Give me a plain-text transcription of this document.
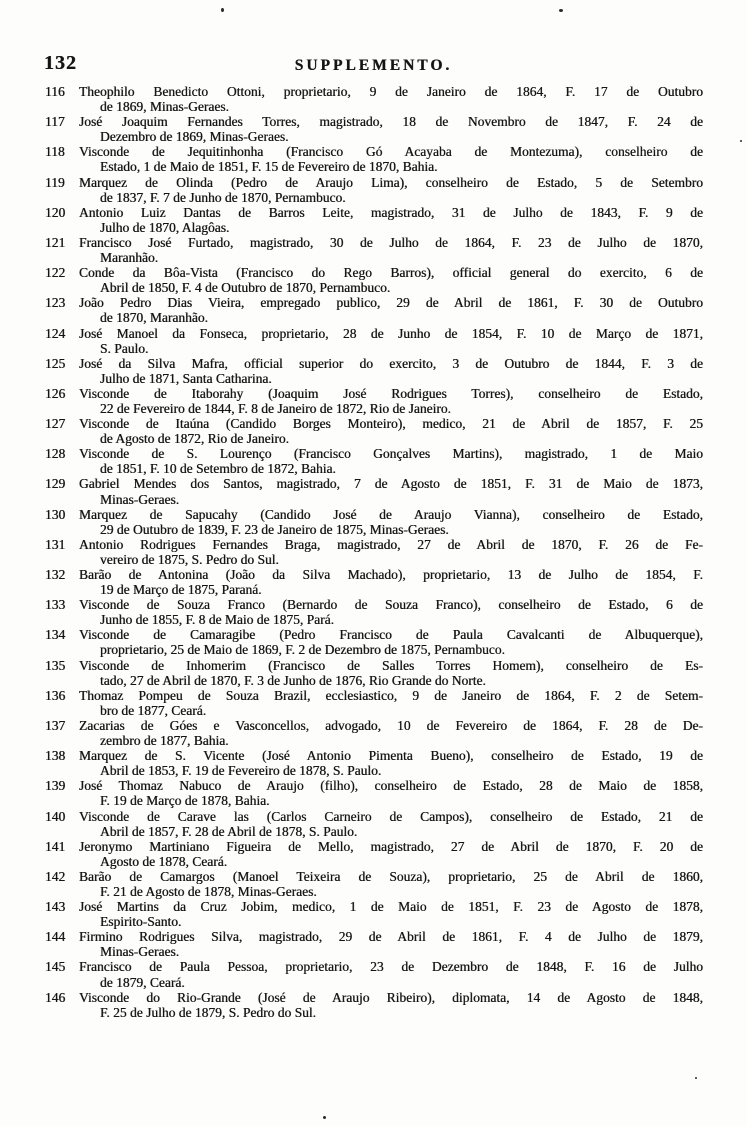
132	SUPPLEMENTO.
116	Theophilo Benedicto Ottoni, proprietario, 9 de Janeiro de 1864, F. 17 de Outubro
de 1869, Minas-Geraes.
117	José Joaquim Fernandes Torres, magistrado, 18 de Novembro de 1847, F. 24 de
Dezembro de 1869, Minas-Geraes.
118	Visconde de Jequitinhonha (Francisco Gó Acayaba de Montezuma), conselheiro de
Estado, 1 de Maio de 1851, F. 15 de Fevereiro de 1870, Bahia.
119	Marquez de Olinda (Pedro de Araujo Lima), conselheiro de Estado, 5 de Setembro
de 1837, F. 7 de Junho de 1870, Pernambuco.
120	Antonio Luiz Dantas de Barros Leite, magistrado, 31 de Julho de 1843, F. 9 de
Julho de 1870, Alagôas.
121	Francisco José Furtado, magistrado, 30 de Julho de 1864, F. 23 de Julho de 1870,
Maranhão.
122	Conde da Bôa-Vista (Francisco do Rego Barros), official general do exercito, 6 de
Abril de 1850, F. 4 de Outubro de 1870, Pernambuco.
123	João Pedro Dias Vieira, empregado publico, 29 de Abril de 1861, F. 30 de Outubro
de 1870, Maranhão.
124	José Manoel da Fonseca, proprietario, 28 de Junho de 1854, F. 10 de Março de 1871,
S. Paulo.
125	José da Silva Mafra, official superior do exercito, 3 de Outubro de 1844, F. 3 de
Julho de 1871, Santa Catharina.
126	Visconde de Itaborahy (Joaquim José Rodrigues Torres), conselheiro de Estado,
22 de Fevereiro de 1844, F. 8 de Janeiro de 1872, Rio de Janeiro.
127	Visconde de Itaúna (Candido Borges Monteiro), medico, 21 de Abril de 1857, F. 25
de Agosto de 1872, Rio de Janeiro.
128	Visconde de S. Lourenço (Francisco Gonçalves Martins), magistrado, 1 de Maio
de 1851, F. 10 de Setembro de 1872, Bahia.
129	Gabriel Mendes dos Santos, magistrado, 7 de Agosto de 1851, F. 31 de Maio de 1873,
Minas-Geraes.
130	Marquez de Sapucahy (Candido José de Araujo Vianna), conselheiro de Estado,
29 de Outubro de 1839, F. 23 de Janeiro de 1875, Minas-Geraes.
131	Antonio Rodrigues Fernandes Braga, magistrado, 27 de Abril de 1870, F. 26 de Fe-
vereiro de 1875, S. Pedro do Sul.
132	Barão de Antonina (João da Silva Machado), proprietario, 13 de Julho de 1854, F.
19 de Março de 1875, Paraná.
133	Visconde de Souza Franco (Bernardo de Souza Franco), conselheiro de Estado, 6 de
Junho de 1855, F. 8 de Maio de 1875, Pará.
134	Visconde de Camaragibe (Pedro Francisco de Paula Cavalcanti de Albuquerque),
proprietario, 25 de Maio de 1869, F. 2 de Dezembro de 1875, Pernambuco.
135	Visconde de Inhomerim (Francisco de Salles Torres Homem), conselheiro de Es-
tado, 27 de Abril de 1870, F. 3 de Junho de 1876, Rio Grande do Norte.
136	Thomaz Pompeu de Souza Brazil, ecclesiastico, 9 de Janeiro de 1864, F. 2 de Setem-
bro de 1877, Ceará.
137	Zacarias de Góes e Vasconcellos, advogado, 10 de Fevereiro de 1864, F. 28 de De-
zembro de 1877, Bahia.
138	Marquez de S. Vicente (José Antonio Pimenta Bueno), conselheiro de Estado, 19 de
Abril de 1853, F. 19 de Fevereiro de 1878, S. Paulo.
139	José Thomaz Nabuco de Araujo (filho), conselheiro de Estado, 28 de Maio de 1858,
F. 19 de Março de 1878, Bahia.
140	Visconde de Carave las (Carlos Carneiro de Campos), conselheiro de Estado, 21 de
Abril de 1857, F. 28 de Abril de 1878, S. Paulo.
141	Jeronymo Martiniano Figueira de Mello, magistrado, 27 de Abril de 1870, F. 20 de
Agosto de 1878, Ceará.
142	Barão de Camargos (Manoel Teixeira de Souza), proprietario, 25 de Abril de 1860,
F. 21 de Agosto de 1878, Minas-Geraes.
143	José Martins da Cruz Jobim, medico, 1 de Maio de 1851, F. 23 de Agosto de 1878,
Espirito-Santo.
144	Firmino Rodrigues Silva, magistrado, 29 de Abril de 1861, F. 4 de Julho de 1879,
Minas-Geraes.
145	Francisco de Paula Pessoa, proprietario, 23 de Dezembro de 1848, F. 16 de Julho
de 1879, Ceará.
146	Visconde do Rio-Grande (José de Araujo Ribeiro), diplomata, 14 de Agosto de 1848,
F. 25 de Julho de 1879, S. Pedro do Sul.
